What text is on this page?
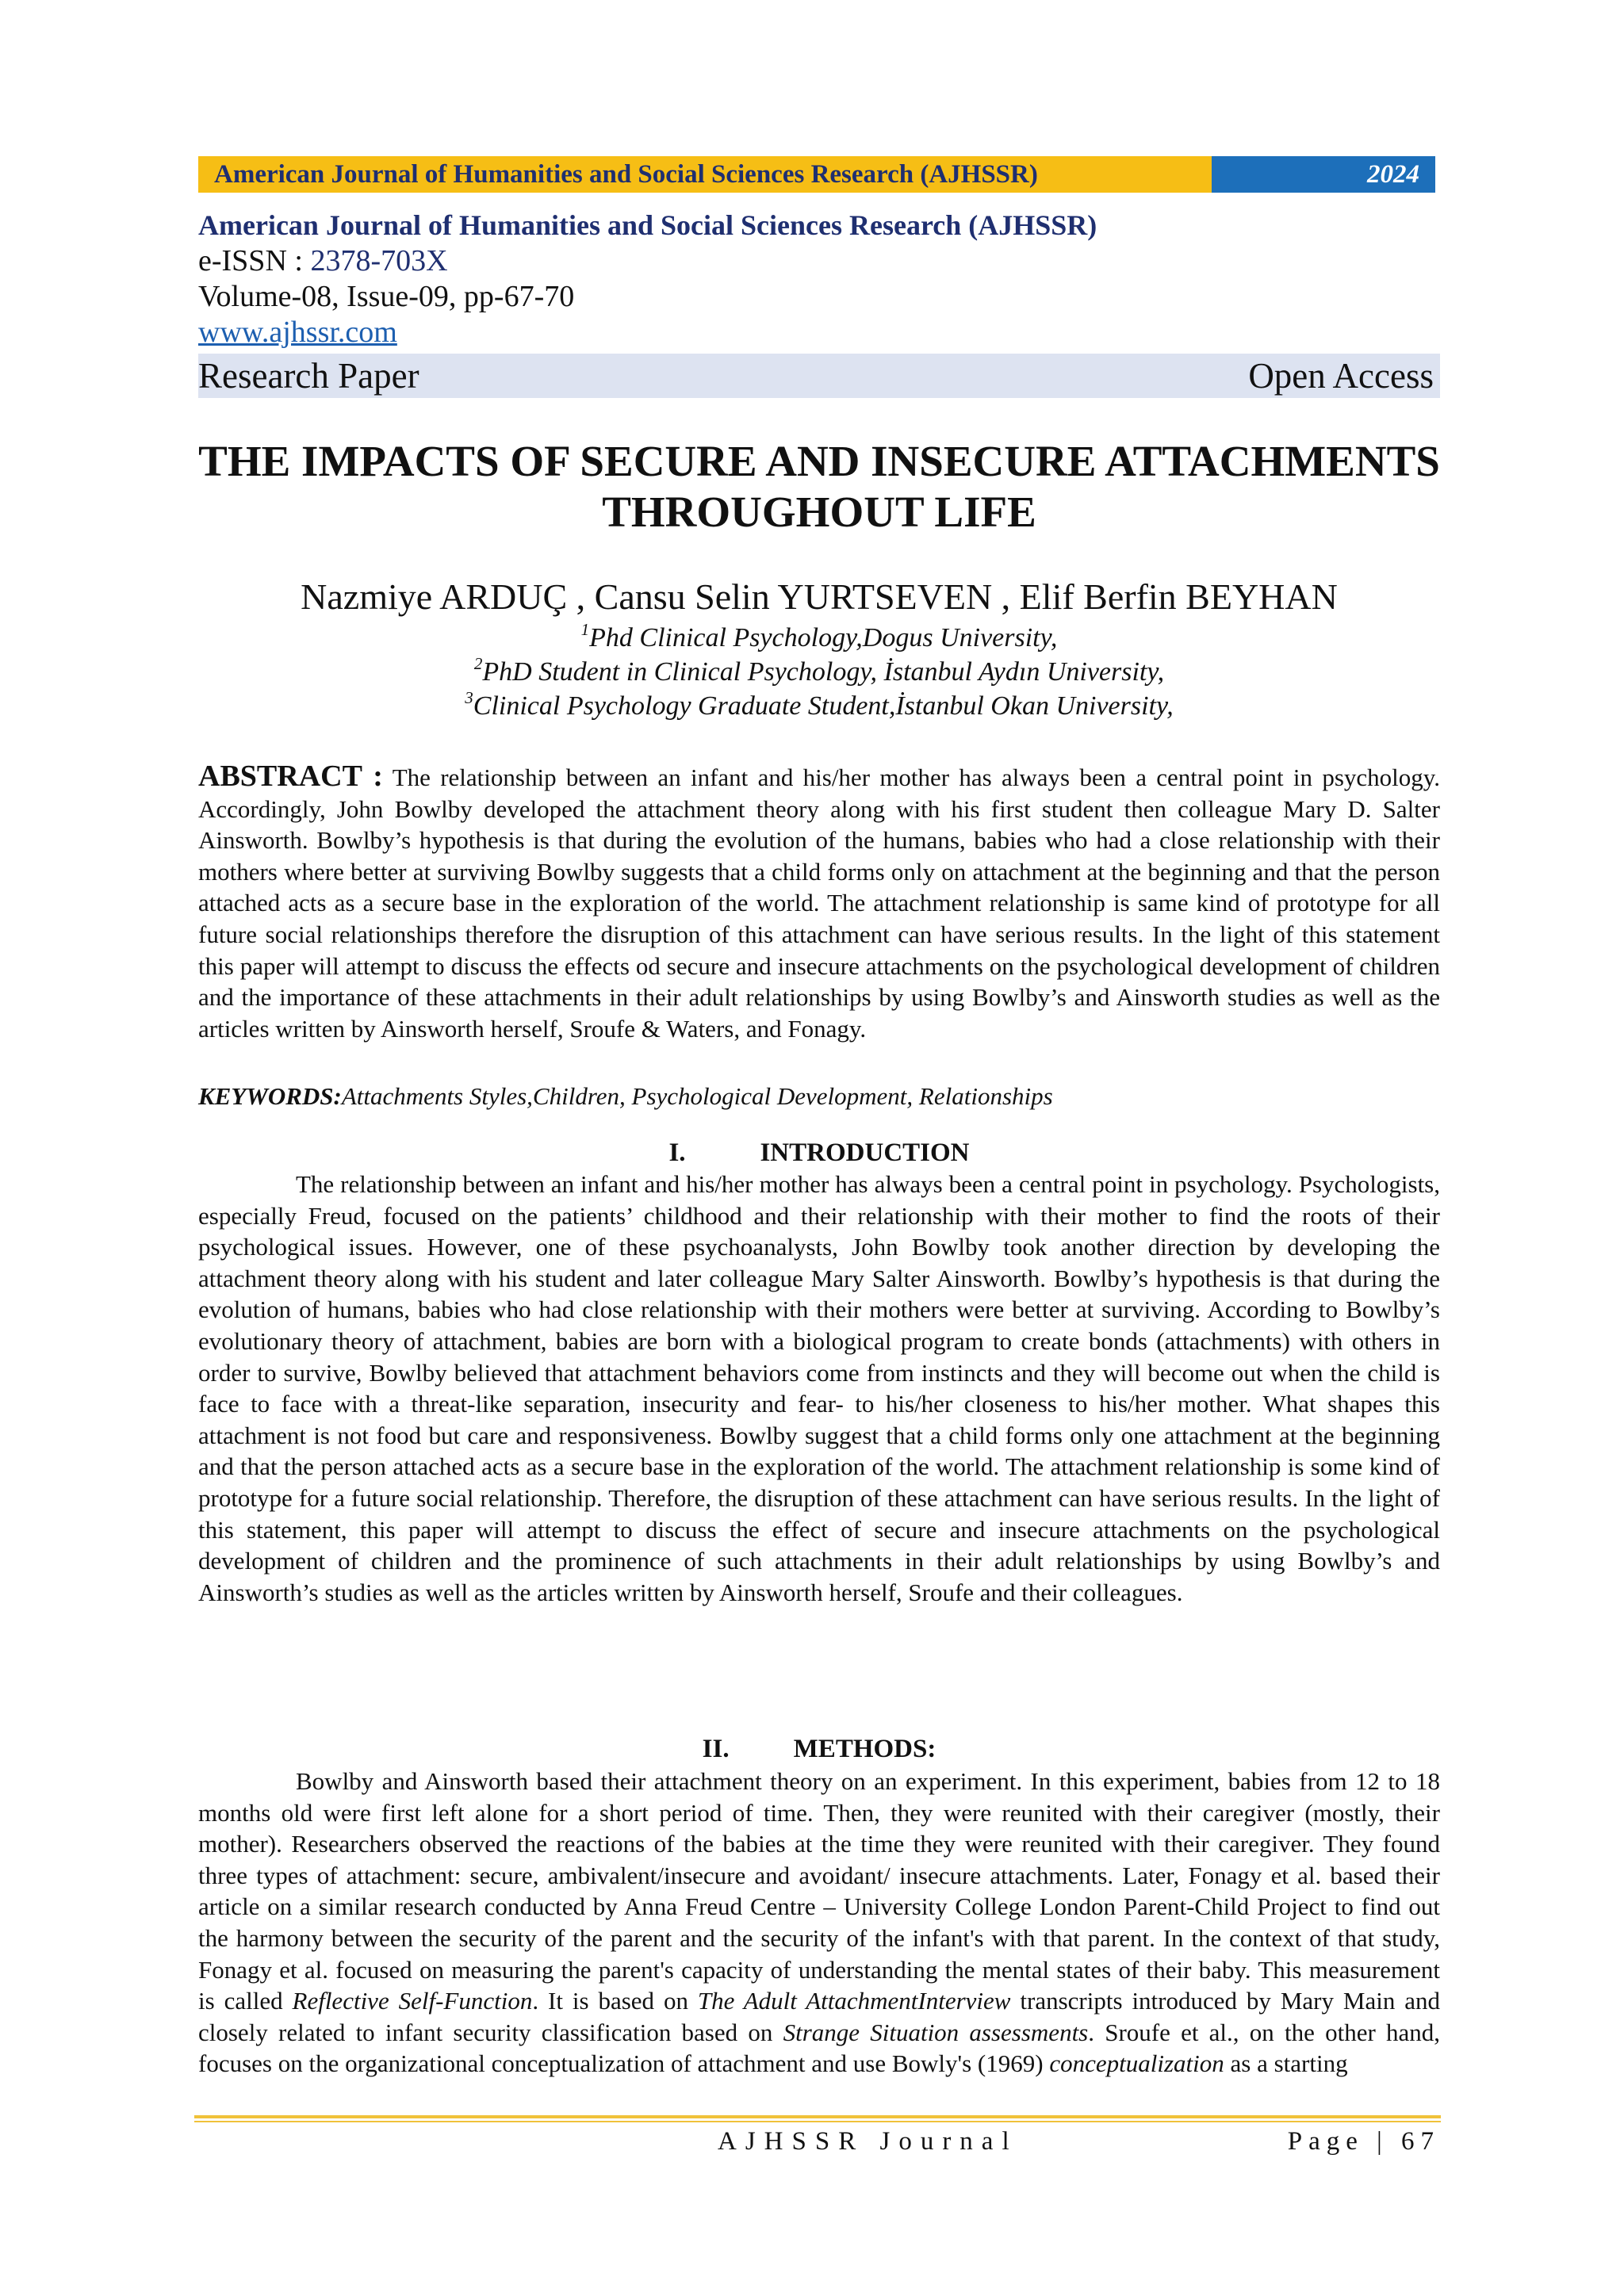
American Journal of Humanities and Social Sciences Research (AJHSSR)	2024
American Journal of Humanities and Social Sciences Research (AJHSSR)
e-ISSN : 2378-703X
Volume-08, Issue-09, pp-67-70
www.ajhssr.com
Research Paper	Open Access
THE IMPACTS OF SECURE AND INSECURE ATTACHMENTS THROUGHOUT LIFE
Nazmiye ARDUÇ , Cansu Selin YURTSEVEN , Elif Berfin BEYHAN
$^1$Phd Clinical Psychology,Dogus University,
$^2$PhD Student in Clinical Psychology, İstanbul Aydın University,
$^3$Clinical Psychology Graduate Student,İstanbul Okan University,
ABSTRACT : The relationship between an infant and his/her mother has always been a central point in psychology. Accordingly, John Bowlby developed the attachment theory along with his first student then colleague Mary D. Salter Ainsworth. Bowlby’s hypothesis is that during the evolution of the humans, babies who had a close relationship with their mothers where better at surviving Bowlby suggests that a child forms only on attachment at the beginning and that the person attached acts as a secure base in the exploration of the world. The attachment relationship is same kind of prototype for all future social relationships therefore the disruption of this attachment can have serious results. In the light of this statement this paper will attempt to discuss the effects od secure and insecure attachments on the psychological development of children and the importance of these attachments in their adult relationships by using Bowlby’s and Ainsworth studies as well as the articles written by Ainsworth herself, Sroufe & Waters, and Fonagy.
KEYWORDS:Attachments Styles,Children, Psychological Development, Relationships
I.	INTRODUCTION
The relationship between an infant and his/her mother has always been a central point in psychology. Psychologists, especially Freud, focused on the patients’ childhood and their relationship with their mother to find the roots of their psychological issues. However, one of these psychoanalysts, John Bowlby took another direction by developing the attachment theory along with his student and later colleague Mary Salter Ainsworth. Bowlby’s hypothesis is that during the evolution of humans, babies who had close relationship with their mothers were better at surviving. According to Bowlby’s evolutionary theory of attachment, babies are born with a biological program to create bonds (attachments) with others in order to survive, Bowlby believed that attachment behaviors come from instincts and they will become out when the child is face to face with a threat-like separation, insecurity and fear- to his/her closeness to his/her mother. What shapes this attachment is not food but care and responsiveness. Bowlby suggest that a child forms only one attachment at the beginning and that the person attached acts as a secure base in the exploration of the world. The attachment relationship is some kind of prototype for a future social relationship. Therefore, the disruption of these attachment can have serious results. In the light of this statement, this paper will attempt to discuss the effect of secure and insecure attachments on the psychological development of children and the prominence of such attachments in their adult relationships by using Bowlby’s and Ainsworth’s studies as well as the articles written by Ainsworth herself, Sroufe and their colleagues.
II. METHODS:
Bowlby and Ainsworth based their attachment theory on an experiment. In this experiment, babies from 12 to 18 months old were first left alone for a short period of time. Then, they were reunited with their caregiver (mostly, their mother). Researchers observed the reactions of the babies at the time they were reunited with their caregiver. They found three types of attachment: secure, ambivalent/insecure and avoidant/ insecure attachments. Later, Fonagy et al. based their article on a similar research conducted by Anna Freud Centre – University College London Parent-Child Project to find out the harmony between the security of the parent and the security of the infant's with that parent. In the context of that study, Fonagy et al. focused on measuring the parent's capacity of understanding the mental states of their baby. This measurement is called Reflective Self-Function. It is based on The Adult AttachmentInterview transcripts introduced by Mary Main and closely related to infant security classification based on Strange Situation assessments. Sroufe et al., on the other hand, focuses on the organizational conceptualization of attachment and use Bowly's (1969) conceptualization as a starting
AJHSSR Journal	Page | 67
